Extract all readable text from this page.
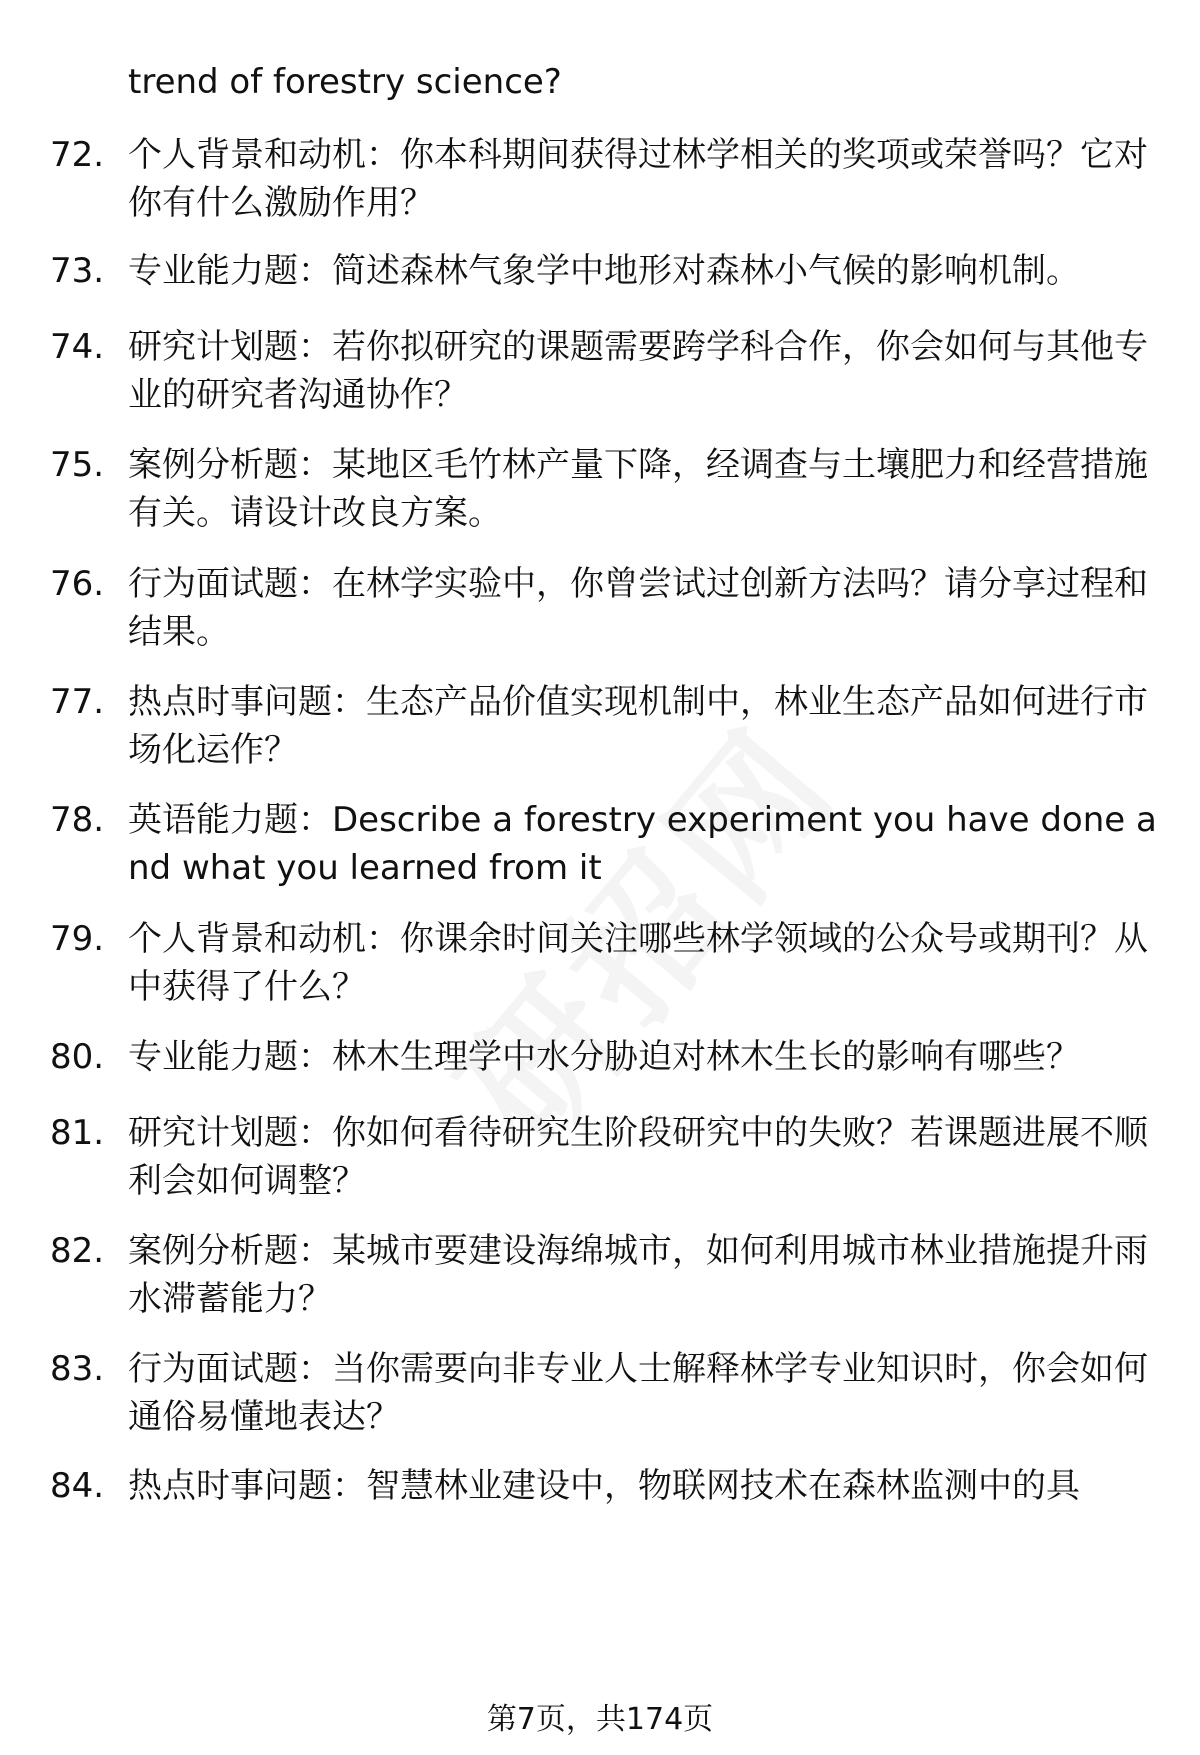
trend of forestry science?
72. 个人背景和动机：你本科期间获得过林学相关的奖项或荣誉吗？它对你有什么激励作用？
73. 专业能力题：简述森林气象学中地形对森林小气候的影响机制。
74. 研究计划题：若你拟研究的课题需要跨学科合作，你会如何与其他专业的研究者沟通协作？
75. 案例分析题：某地区毛竹林产量下降，经调查与土壤肥力和经营措施有关。请设计改良方案。
76. 行为面试题：在林学实验中，你曾尝试过创新方法吗？请分享过程和结果。
77. 热点时事问题：生态产品价值实现机制中，林业生态产品如何进行市场化运作？
78. 英语能力题：Describe a forestry experiment you have done and what you learned from it
79. 个人背景和动机：你课余时间关注哪些林学领域的公众号或期刊？从中获得了什么？
80. 专业能力题：林木生理学中水分胁迫对林木生长的影响有哪些？
81. 研究计划题：你如何看待研究生阶段研究中的失败？若课题进展不顺利会如何调整？
82. 案例分析题：某城市要建设海绵城市，如何利用城市林业措施提升雨水滞蓄能力？
83. 行为面试题：当你需要向非专业人士解释林学专业知识时，你会如何通俗易懂地表达？
84. 热点时事问题：智慧林业建设中，物联网技术在森林监测中的具
第7页，共174页
